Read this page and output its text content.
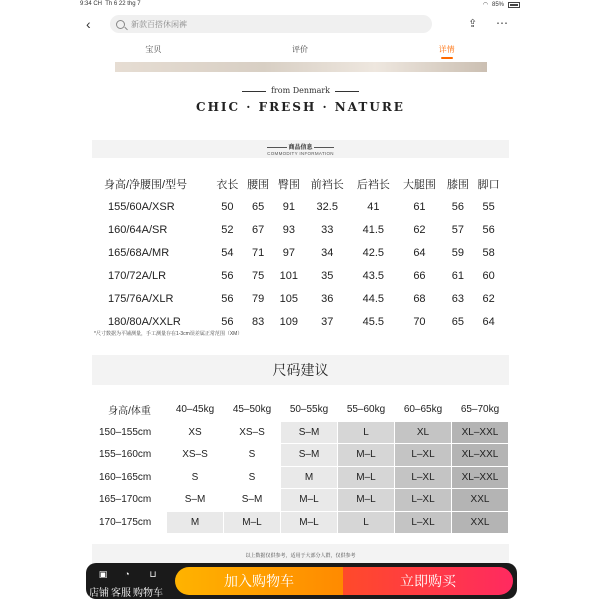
9:34 CH Th 6 22 thg 7	◠ 85%
‹
新款百搭休闲裤	⇪ ⋯
宝贝	评价	详情
from Denmark
CHIC · FRESH · NATURE
商品信息
COMMODITY INFORMATION
身高/净腰围/型号	衣长	腰围	臀围	前裆长	后裆长	大腿围	膝围	脚口
155/60A/XSR	50	65	91	32.5	41	61	56	55
160/64A/SR	52	67	93	33	41.5	62	57	56
165/68A/MR	54	71	97	34	42.5	64	59	58
170/72A/LR	56	75	101	35	43.5	66	61	60
175/76A/XLR	56	79	105	36	44.5	68	63	62
180/80A/XXLR	56	83	109	37	45.5	70	65	64
*尺寸数据为平铺测量，手工测量存在1-3cm误差属正常范围（XM）
尺码建议
身高/体重	40–45kg	45–50kg	50–55kg	55–60kg	60–65kg	65–70kg
150–155cm	XS	XS–S	S–M	L	XL	XL–XXL
155–160cm	XS–S	S	S–M	M–L	L–XL	XL–XXL
160–165cm	S	S	M	M–L	L–XL	XL–XXL
165–170cm	S–M	S–M	M–L	M–L	L–XL	XXL
170–175cm	M	M–L	M–L	L	L–XL	XXL
以上数据仅供参考，适用于大部分人群，仅供参考
▣	◔	⊔
店铺 客服 购物车
加入购物车	立即购买
